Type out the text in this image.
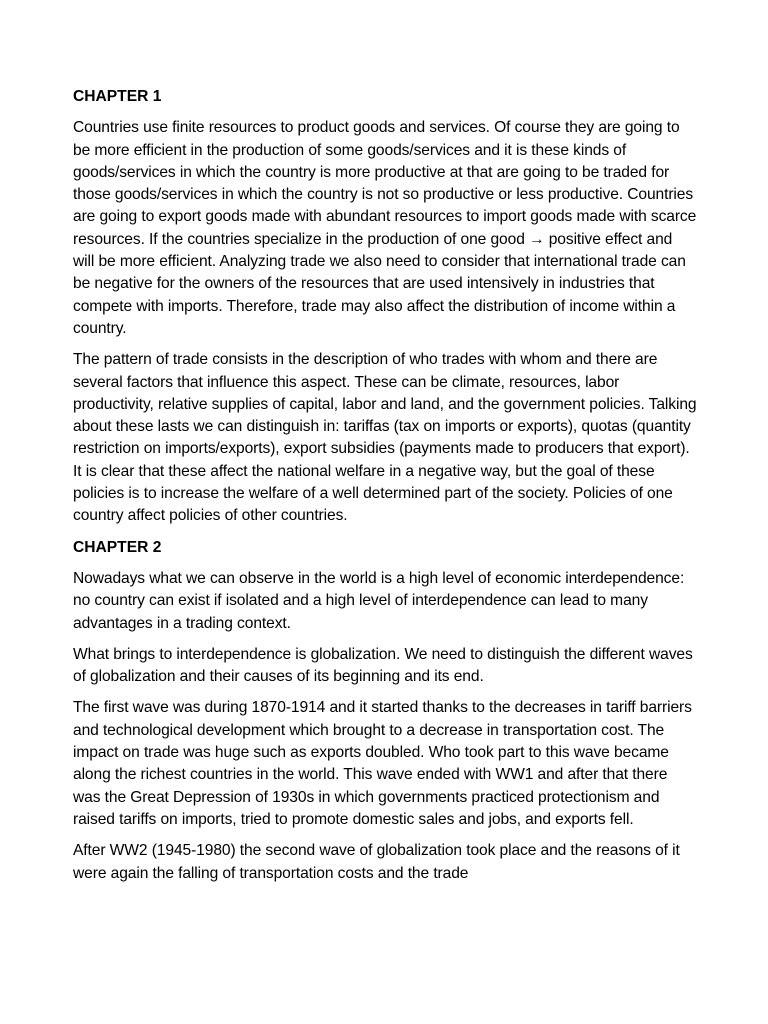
CHAPTER 1

Countries use finite resources to product goods and services. Of course they are going to be more efficient in the production of some goods/services and it is these kinds of goods/services in which the country is more productive at that are going to be traded for those goods/services in which the country is not so productive or less productive. Countries are going to export goods made with abundant resources to import goods made with scarce resources. If the countries specialize in the production of one good → positive effect and will be more efficient. Analyzing trade we also need to consider that international trade can be negative for the owners of the resources that are used intensively in industries that compete with imports. Therefore, trade may also affect the distribution of income within a country.

The pattern of trade consists in the description of who trades with whom and there are several factors that influence this aspect. These can be climate, resources, labor productivity, relative supplies of capital, labor and land, and the government policies. Talking about these lasts we can distinguish in: tariffas (tax on imports or exports), quotas (quantity restriction on imports/exports), export subsidies (payments made to producers that export). It is clear that these affect the national welfare in a negative way, but the goal of these policies is to increase the welfare of a well determined part of the society. Policies of one country affect policies of other countries.

CHAPTER 2

Nowadays what we can observe in the world is a high level of economic interdependence: no country can exist if isolated and a high level of interdependence can lead to many advantages in a trading context.

What brings to interdependence is globalization. We need to distinguish the different waves of globalization and their causes of its beginning and its end.

The first wave was during 1870-1914 and it started thanks to the decreases in tariff barriers and technological development which brought to a decrease in transportation cost. The impact on trade was huge such as exports doubled. Who took part to this wave became along the richest countries in the world. This wave ended with WW1 and after that there was the Great Depression of 1930s in which governments practiced protectionism and raised tariffs on imports, tried to promote domestic sales and jobs, and exports fell.

After WW2 (1945-1980) the second wave of globalization took place and the reasons of it were again the falling of transportation costs and the trade
